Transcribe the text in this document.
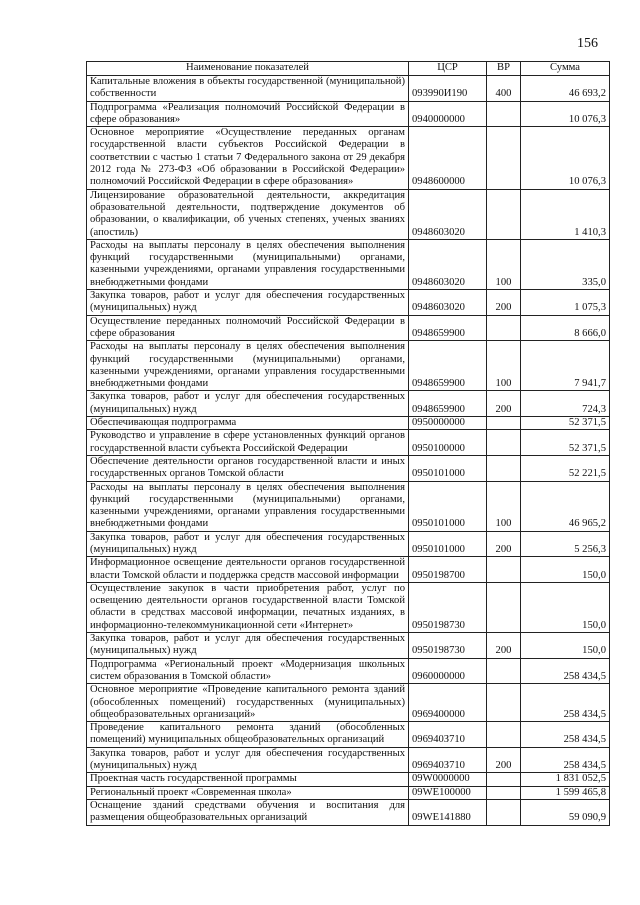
156
Наименование показателей	ЦСР	ВР	Сумма
Капитальные вложения в объекты государственной (муниципальной) собственности	093990И190	400	46 693,2
Подпрограмма «Реализация полномочий Российской Федерации в сфере образования»	0940000000		10 076,3
Основное мероприятие «Осуществление переданных органам государственной власти субъектов Российской Федерации в соответствии с частью 1 статьи 7 Федерального закона от 29 декабря 2012 года № 273-ФЗ «Об образовании в Российской Федерации» полномочий Российской Федерации в сфере образования»	0948600000		10 076,3
Лицензирование образовательной деятельности, аккредитация образовательной деятельности, подтверждение документов об образовании, о квалификации, об ученых степенях, ученых званиях (апостиль)	0948603020		1 410,3
Расходы на выплаты персоналу в целях обеспечения выполнения функций государственными (муниципальными) органами, казенными учреждениями, органами управления государственными внебюджетными фондами	0948603020	100	335,0
Закупка товаров, работ и услуг для обеспечения государственных (муниципальных) нужд	0948603020	200	1 075,3
Осуществление переданных полномочий Российской Федерации в сфере образования	0948659900		8 666,0
Расходы на выплаты персоналу в целях обеспечения выполнения функций государственными (муниципальными) органами, казенными учреждениями, органами управления государственными внебюджетными фондами	0948659900	100	7 941,7
Закупка товаров, работ и услуг для обеспечения государственных (муниципальных) нужд	0948659900	200	724,3
Обеспечивающая подпрограмма	0950000000		52 371,5
Руководство и управление в сфере установленных функций органов государственной власти субъекта Российской Федерации	0950100000		52 371,5
Обеспечение деятельности органов государственной власти и иных государственных органов Томской области	0950101000		52 221,5
Расходы на выплаты персоналу в целях обеспечения выполнения функций государственными (муниципальными) органами, казенными учреждениями, органами управления государственными внебюджетными фондами	0950101000	100	46 965,2
Закупка товаров, работ и услуг для обеспечения государственных (муниципальных) нужд	0950101000	200	5 256,3
Информационное освещение деятельности органов государственной власти Томской области и поддержка средств массовой информации	0950198700		150,0
Осуществление закупок в части приобретения работ, услуг по освещению деятельности органов государственной власти Томской области в средствах массовой информации, печатных изданиях, в информационно-телекоммуникационной сети «Интернет»	0950198730		150,0
Закупка товаров, работ и услуг для обеспечения государственных (муниципальных) нужд	0950198730	200	150,0
Подпрограмма «Региональный проект «Модернизация школьных систем образования в Томской области»	0960000000		258 434,5
Основное мероприятие «Проведение капитального ремонта зданий (обособленных помещений) государственных (муниципальных) общеобразовательных организаций»	0969400000		258 434,5
Проведение капитального ремонта зданий (обособленных помещений) муниципальных общеобразовательных организаций	096940З710		258 434,5
Закупка товаров, работ и услуг для обеспечения государственных (муниципальных) нужд	096940З710	200	258 434,5
Проектная часть государственной программы	09W0000000		1 831 052,5
Региональный проект «Современная школа»	09WE100000		1 599 465,8
Оснащение зданий средствами обучения и воспитания для размещения общеобразовательных организаций	09WE141880		59 090,9
